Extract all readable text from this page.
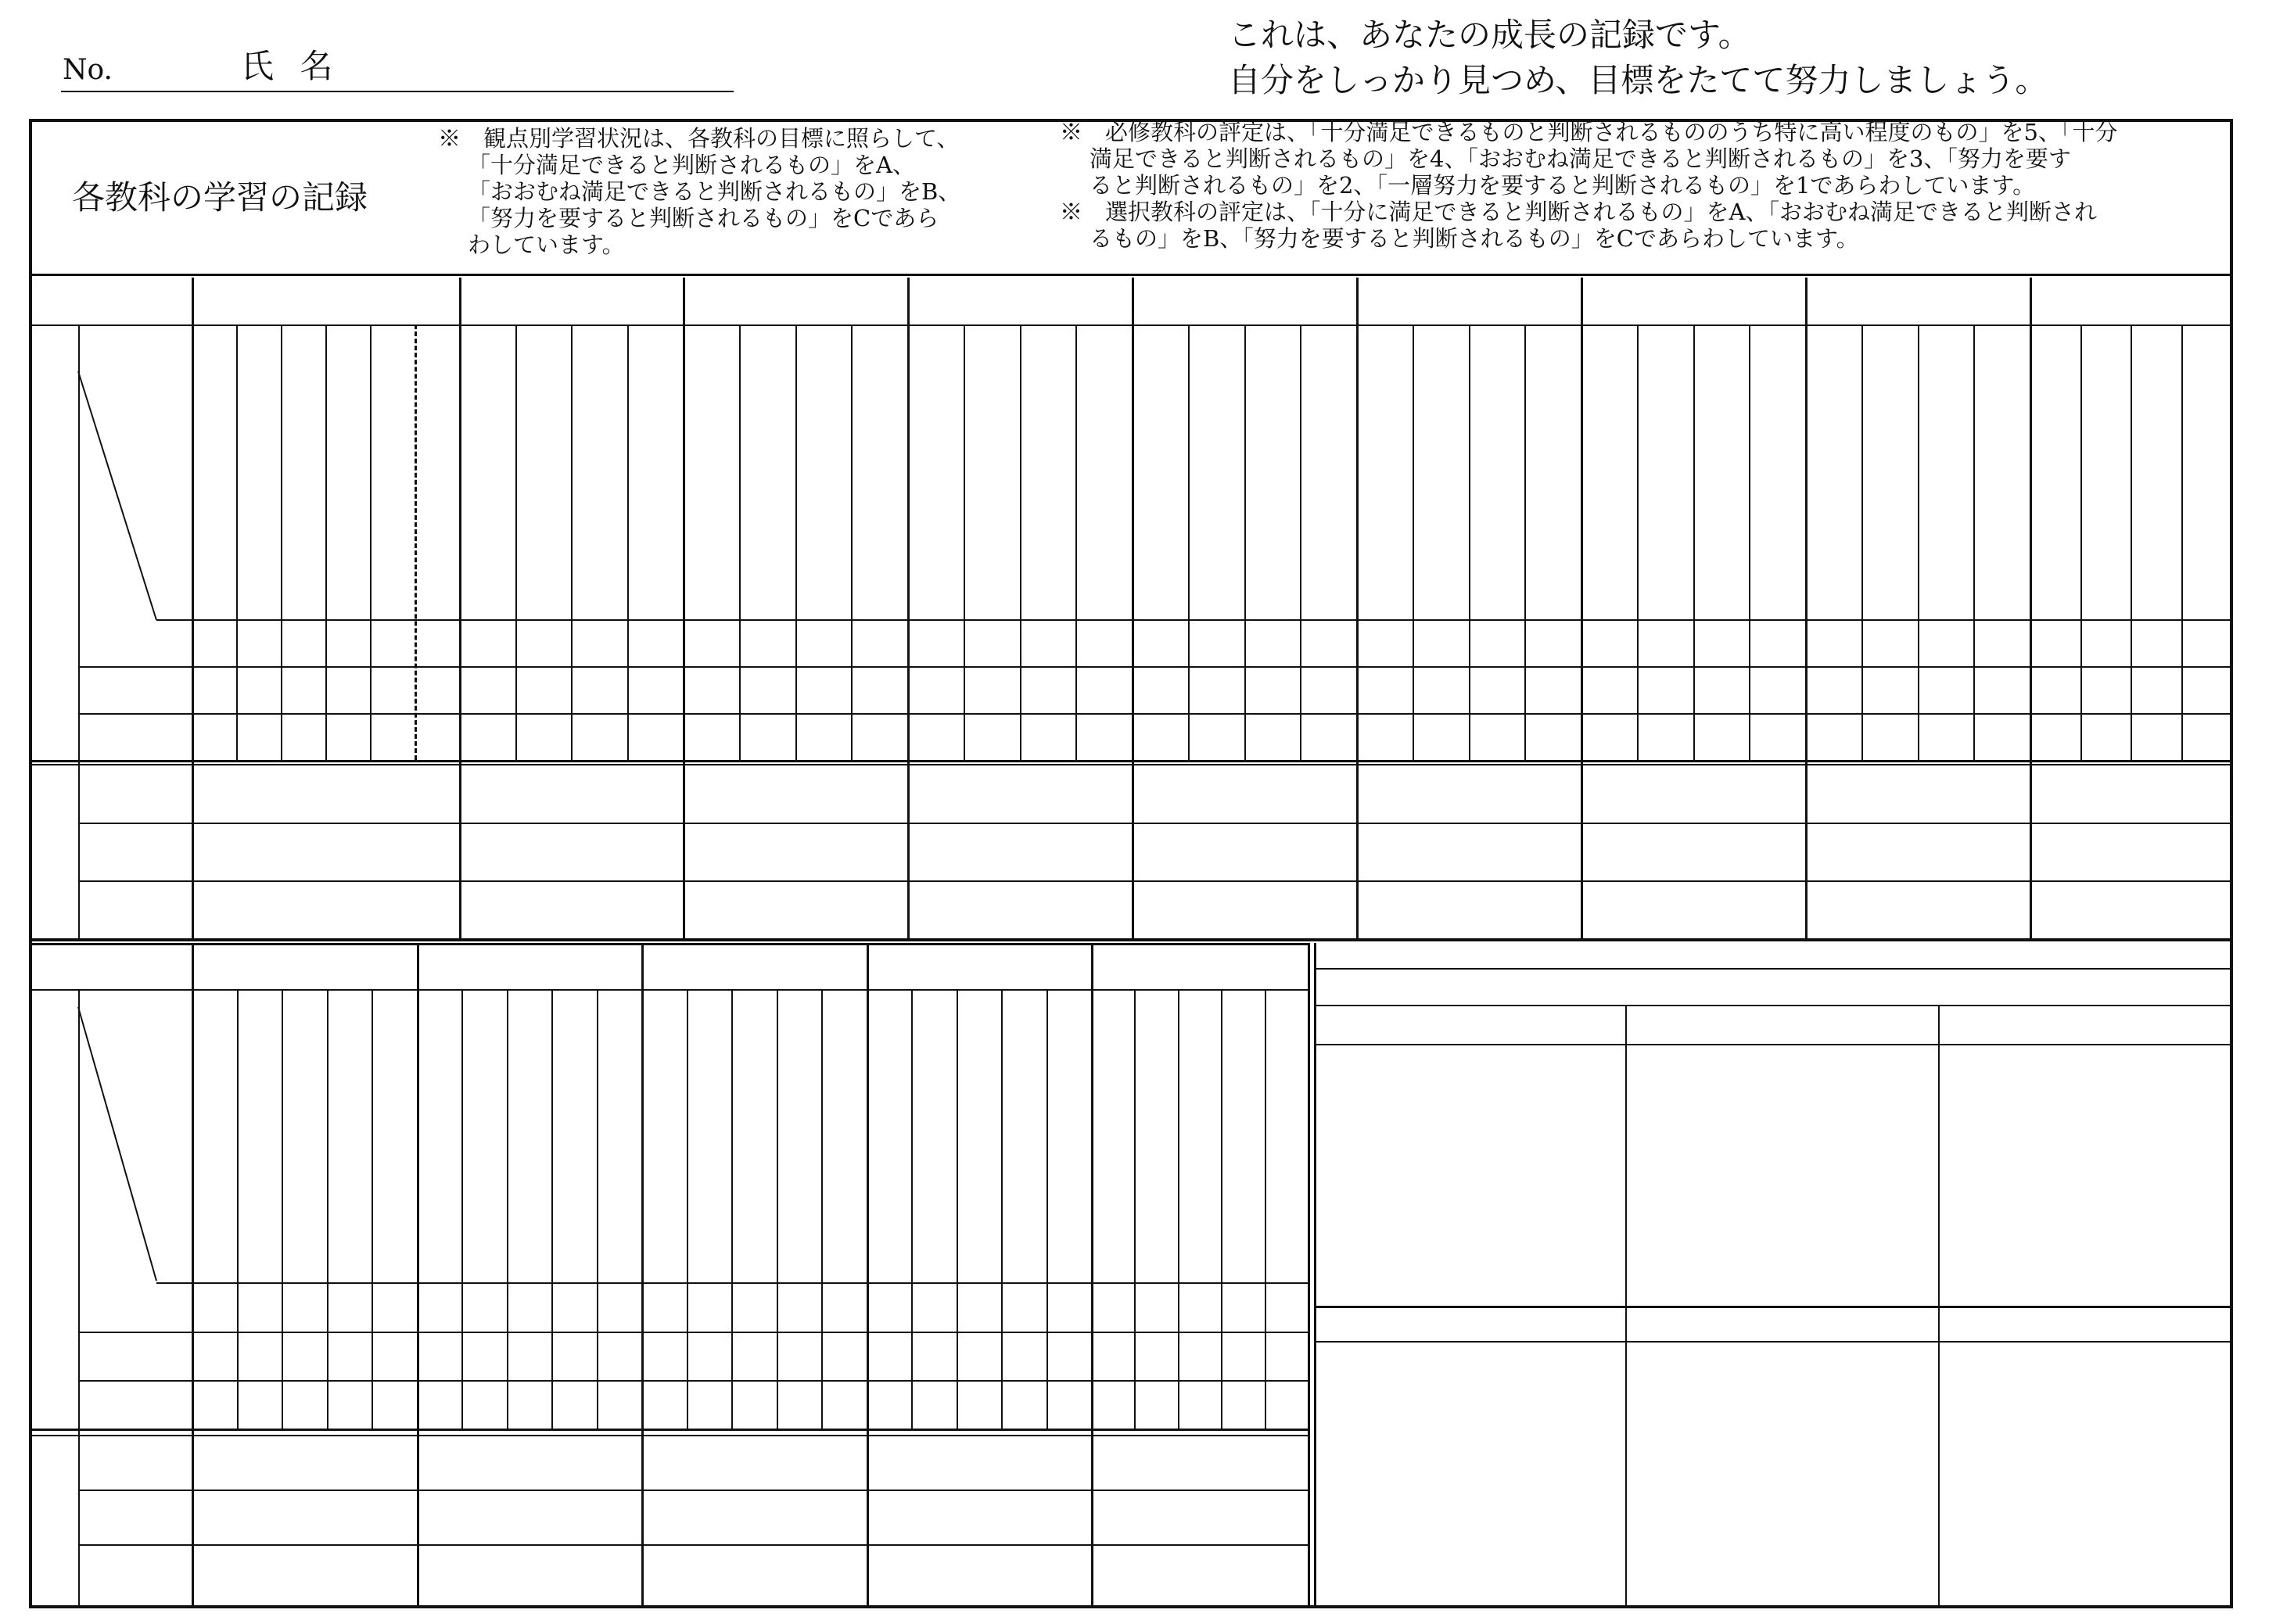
No.	氏 名
これは、あなたの成長の記録です。
自分をしっかり見つめ、目標をたてて努力しましょう。
各教科の学習の記録
※　観点別学習状況は、各教科の目標に照らして、
「十分満足できると判断されるもの」をA、
「おおむね満足できると判断されるもの」をB、
「努力を要すると判断されるもの」をCであら
わしています。
※　必修教科の評定は、「十分満足できるものと判断されるもののうち特に高い程度のもの」を5、「十分
満足できると判断されるもの」を4、「おおむね満足できると判断されるもの」を3、「努力を要す
ると判断されるもの」を2、「一層努力を要すると判断されるもの」を1であらわしています。
※　選択教科の評定は、「十分に満足できると判断されるもの」をA、「おおむね満足できると判断され
るもの」をB、「努力を要すると判断されるもの」をCであらわしています。
